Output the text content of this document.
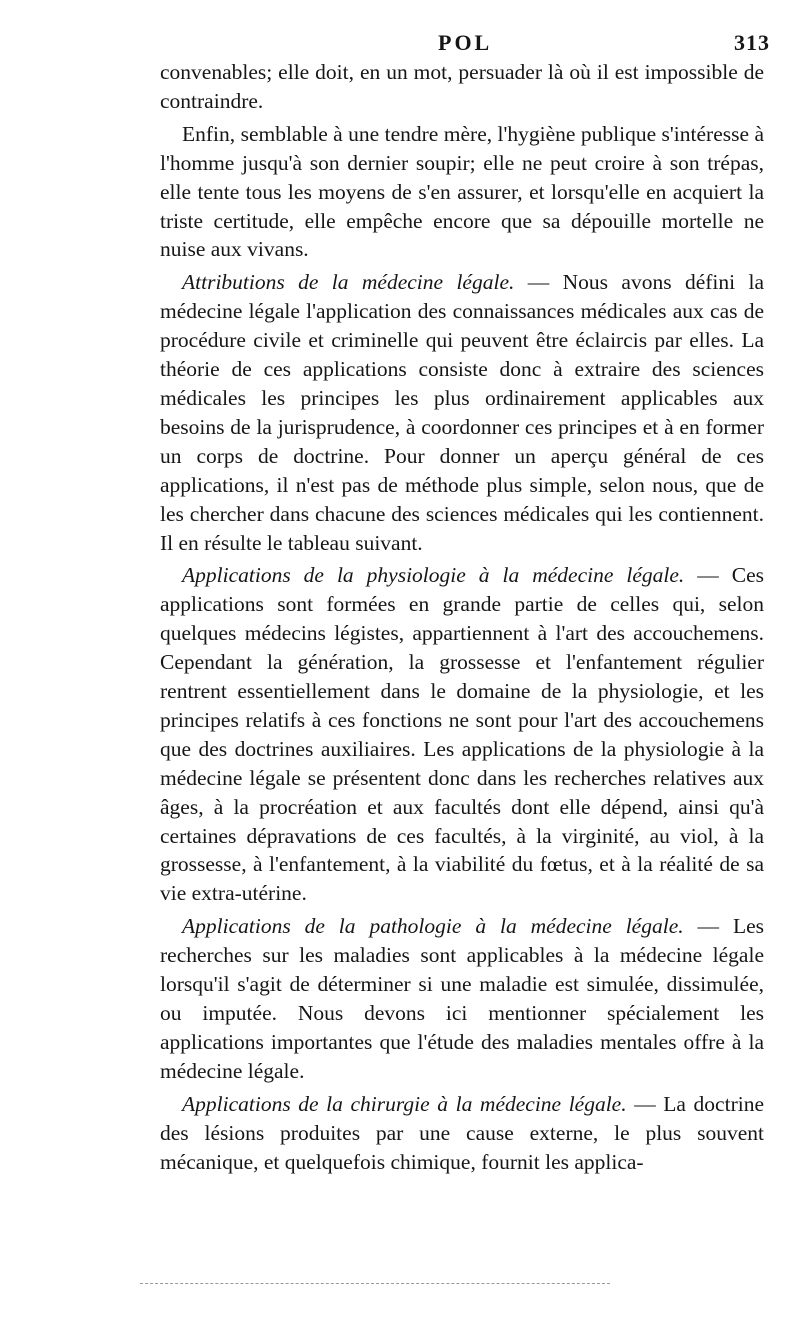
POL	313

convenables; elle doit, en un mot, persuader là où il est impossible de contraindre.

Enfin, semblable à une tendre mère, l'hygiène publique s'intéresse à l'homme jusqu'à son dernier soupir; elle ne peut croire à son trépas, elle tente tous les moyens de s'en assurer, et lorsqu'elle en acquiert la triste certitude, elle empêche encore que sa dépouille mortelle ne nuise aux vivans.

Attributions de la médecine légale. — Nous avons défini la médecine légale l'application des connaissances médicales aux cas de procédure civile et criminelle qui peuvent être éclaircis par elles. La théorie de ces applications consiste donc à extraire des sciences médicales les principes les plus ordinairement applicables aux besoins de la jurisprudence, à coordonner ces principes et à en former un corps de doctrine. Pour donner un aperçu général de ces applications, il n'est pas de méthode plus simple, selon nous, que de les chercher dans chacune des sciences médicales qui les contiennent. Il en résulte le tableau suivant.

Applications de la physiologie à la médecine légale. — Ces applications sont formées en grande partie de celles qui, selon quelques médecins légistes, appartiennent à l'art des accouchemens. Cependant la génération, la grossesse et l'enfantement régulier rentrent essentiellement dans le domaine de la physiologie, et les principes relatifs à ces fonctions ne sont pour l'art des accouchemens que des doctrines auxiliaires. Les applications de la physiologie à la médecine légale se présentent donc dans les recherches relatives aux âges, à la procréation et aux facultés dont elle dépend, ainsi qu'à certaines dépravations de ces facultés, à la virginité, au viol, à la grossesse, à l'enfantement, à la viabilité du fœtus, et à la réalité de sa vie extra-utérine.

Applications de la pathologie à la médecine légale. — Les recherches sur les maladies sont applicables à la médecine légale lorsqu'il s'agit de déterminer si une maladie est simulée, dissimulée, ou imputée. Nous devons ici mentionner spécialement les applications importantes que l'étude des maladies mentales offre à la médecine légale.

Applications de la chirurgie à la médecine légale. — La doctrine des lésions produites par une cause externe, le plus souvent mécanique, et quelquefois chimique, fournit les applica-
